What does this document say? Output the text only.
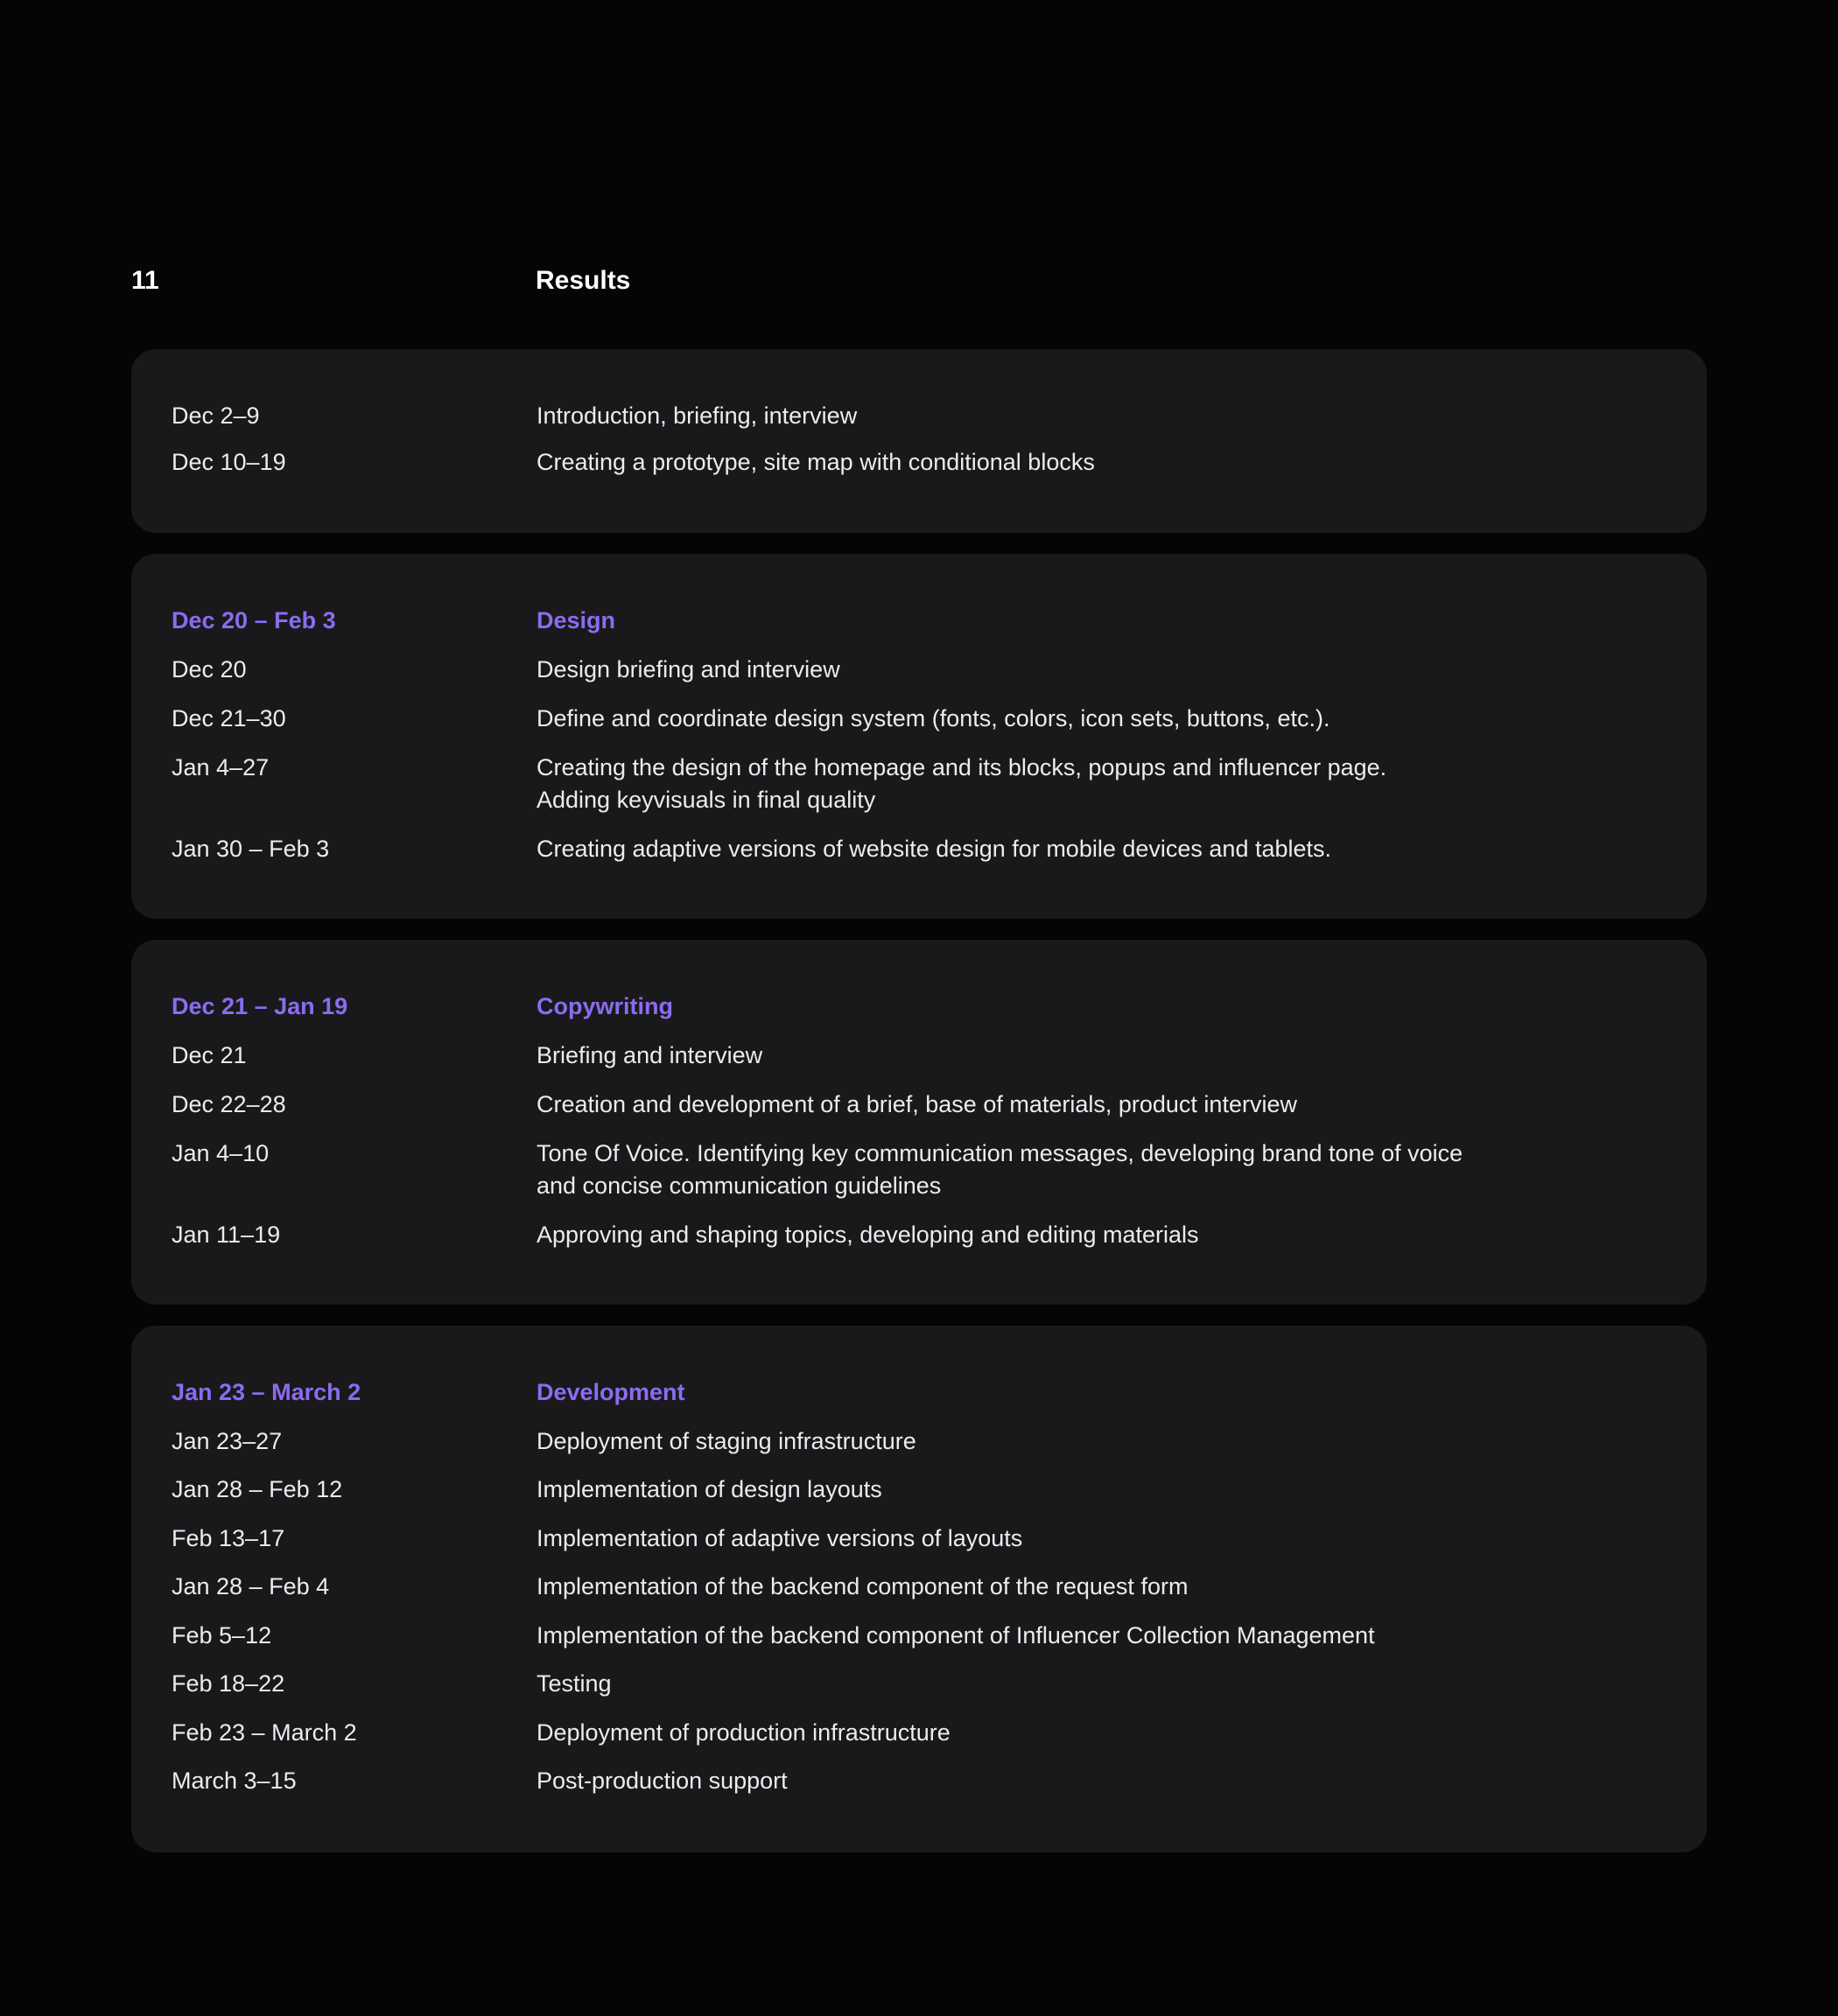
11	Results
Dec 2–9	Introduction, briefing, interview
Dec 10–19	Creating a prototype, site map with conditional blocks
Dec 20 – Feb 3	Design
Dec 20	Design briefing and interview
Dec 21–30	Define and coordinate design system (fonts, colors, icon sets, buttons, etc.).
Jan 4–27	Creating the design of the homepage and its blocks, popups and influencer page.
Adding keyvisuals in final quality
Jan 30 – Feb 3	Creating adaptive versions of website design for mobile devices and tablets.
Dec 21 – Jan 19	Copywriting
Dec 21	Briefing and interview
Dec 22–28	Creation and development of a brief, base of materials, product interview
Jan 4–10	Tone Of Voice. Identifying key communication messages, developing brand tone of voice
and concise communication guidelines
Jan 11–19	Approving and shaping topics, developing and editing materials
Jan 23 – March 2	Development
Jan 23–27	Deployment of staging infrastructure
Jan 28 – Feb 12	Implementation of design layouts
Feb 13–17	Implementation of adaptive versions of layouts
Jan 28 – Feb 4	Implementation of the backend component of the request form
Feb 5–12	Implementation of the backend component of Influencer Collection Management
Feb 18–22	Testing
Feb 23 – March 2	Deployment of production infrastructure
March 3–15	Post-production support
